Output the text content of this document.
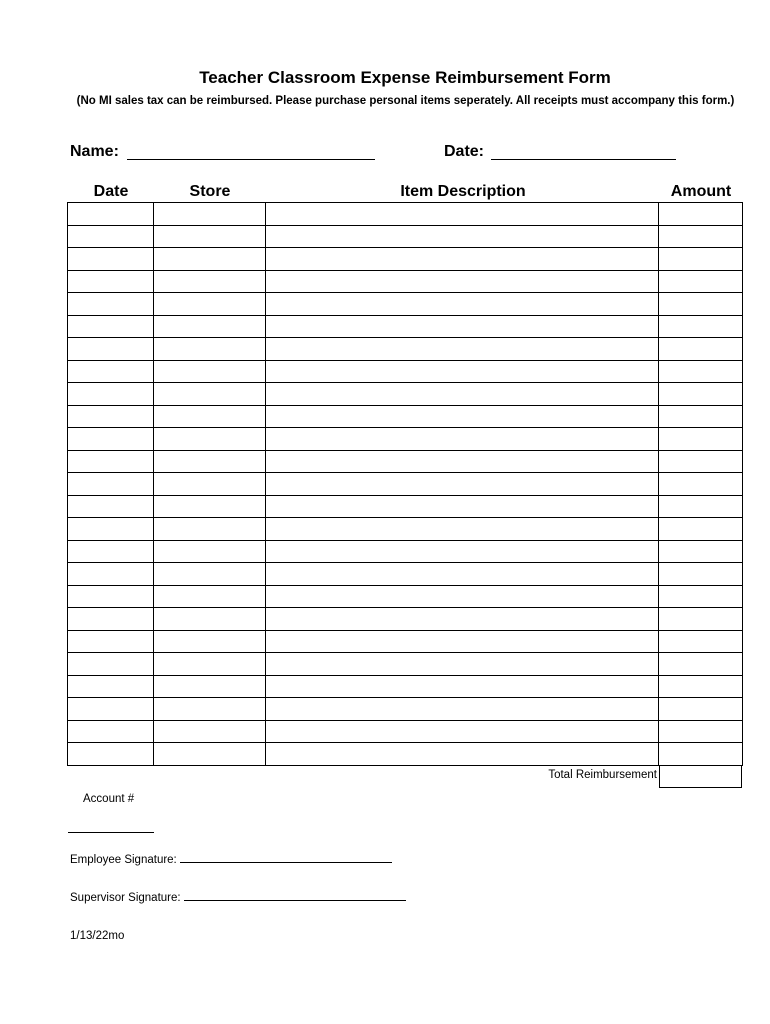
Teacher Classroom Expense Reimbursement Form
(No MI sales tax can be reimbursed. Please purchase personal items seperately. All receipts must accompany this form.)
Name:	Date:
Date	Store	Item Description	Amount

Total Reimbursement
Account #
Employee Signature:
Supervisor Signature:
1/13/22mo
